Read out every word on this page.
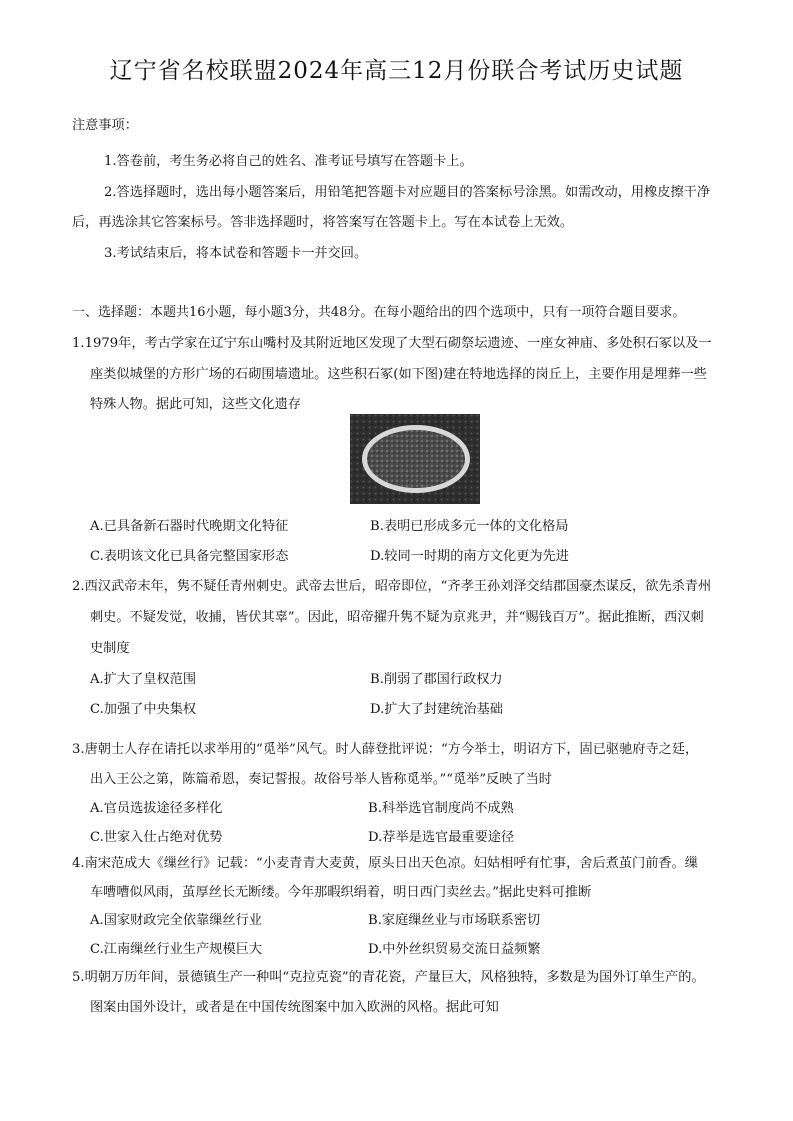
辽宁省名校联盟2024年高三12月份联合考试历史试题
注意事项：
1.答卷前，考生务必将自己的姓名、准考证号填写在答题卡上。
2.答选择题时，选出每小题答案后，用铅笔把答题卡对应题目的答案标号涂黑。如需改动，用橡皮擦干净
后，再选涂其它答案标号。答非选择题时，将答案写在答题卡上。写在本试卷上无效。
3.考试结束后，将本试卷和答题卡一并交回。
一、选择题：本题共16小题，每小题3分，共48分。在每小题给出的四个选项中，只有一项符合题目要求。
1.1979年，考古学家在辽宁东山嘴村及其附近地区发现了大型石砌祭坛遗迹、一座女神庙、多处积石冢以及一
座类似城堡的方形广场的石砌围墙遗址。这些积石冢(如下图)建在特地选择的岗丘上，主要作用是埋葬一些
特殊人物。据此可知，这些文化遗存
A.已具备新石器时代晚期文化特征	B.表明已形成多元一体的文化格局
C.表明该文化已具备完整国家形态	D.较同一时期的南方文化更为先进
2.西汉武帝末年，隽不疑任青州刺史。武帝去世后，昭帝即位，“齐孝王孙刘泽交结郡国豪杰谋反，欲先杀青州
刺史。不疑发觉，收捕，皆伏其辜”。因此，昭帝擢升隽不疑为京兆尹，并“赐钱百万”。据此推断，西汉刺
史制度
A.扩大了皇权范围	B.削弱了郡国行政权力
C.加强了中央集权	D.扩大了封建统治基础
3.唐朝士人存在请托以求举用的“觅举”风气。时人薛登批评说：“方今举士，明诏方下，固已驱驰府寺之廷，
出入王公之第，陈篇希恩，奏记誓报。故俗号举人皆称觅举。”“觅举”反映了当时
A.官员选拔途径多样化	B.科举选官制度尚不成熟
C.世家入仕占绝对优势	D.荐举是选官最重要途径
4.南宋范成大《缫丝行》记载：“小麦青青大麦黄，原头日出天色凉。妇姑相呼有忙事，舍后煮茧门前香。缫
车嘈嘈似风雨，茧厚丝长无断缕。今年那暇织绢着，明日西门卖丝去。”据此史料可推断
A.国家财政完全依靠缫丝行业	B.家庭缫丝业与市场联系密切
C.江南缫丝行业生产规模巨大	D.中外丝织贸易交流日益频繁
5.明朝万历年间，景德镇生产一种叫“克拉克瓷”的青花瓷，产量巨大，风格独特，多数是为国外订单生产的。
图案由国外设计，或者是在中国传统图案中加入欧洲的风格。据此可知
